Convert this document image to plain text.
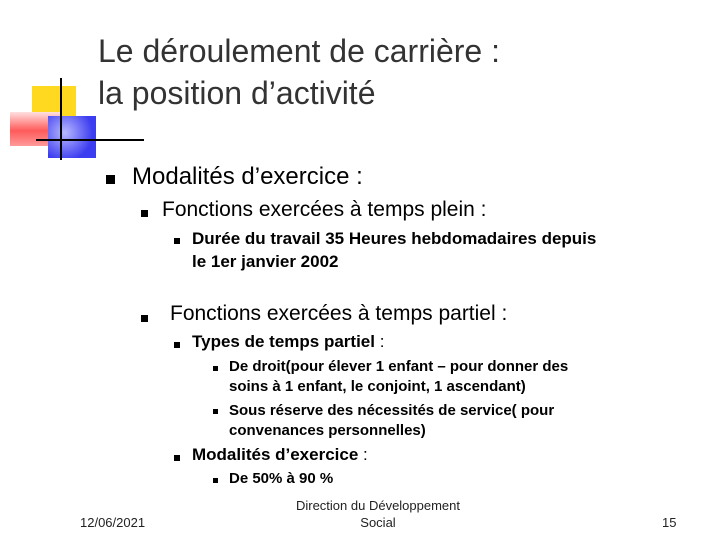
Le déroulement de carrière :
la position d’activité
Modalités d’exercice :
Fonctions exercées à temps plein :
Durée du travail 35 Heures hebdomadaires depuis
le 1er janvier 2002
Fonctions exercées à temps partiel :
Types de temps partiel :
De droit(pour élever 1 enfant – pour donner des
soins à 1 enfant, le conjoint, 1 ascendant)
Sous réserve des nécessités de service( pour
convenances personnelles)
Modalités d’exercice :
De 50% à 90 %
12/06/2021
Direction du Développement
Social	15
